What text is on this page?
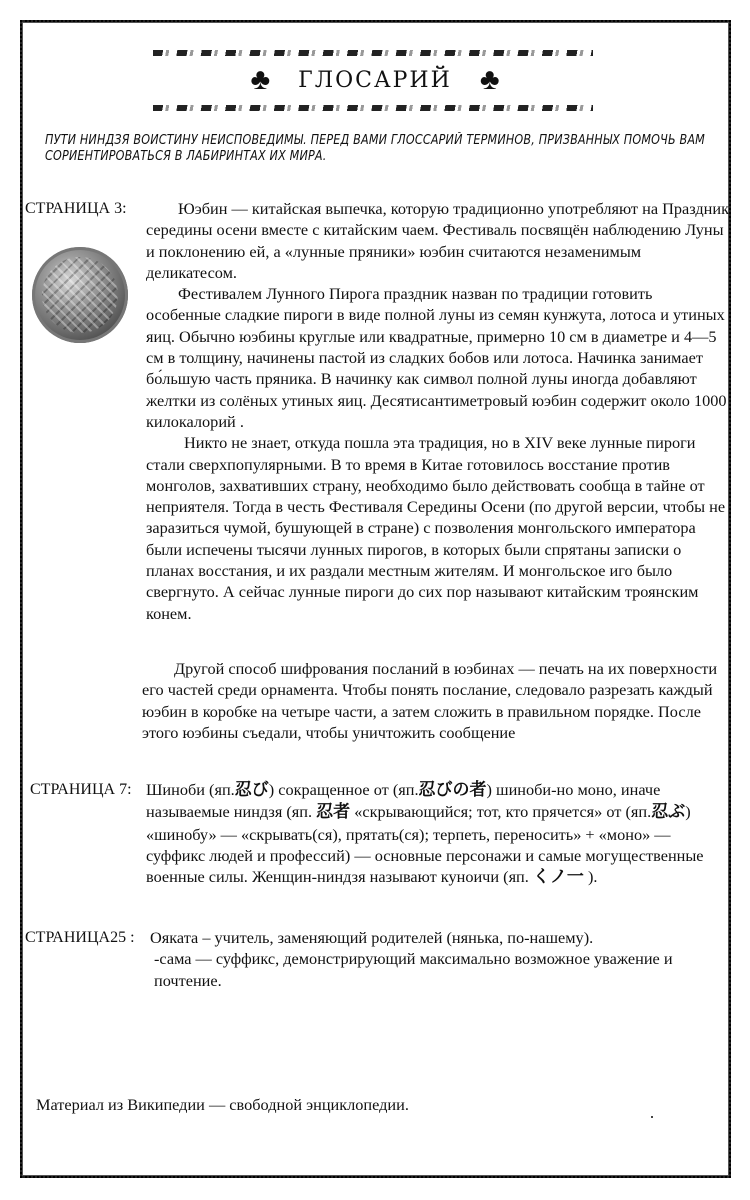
♣ ГЛОСАРИЙ ♣
ПУТИ НИНДЗЯ ВОИСТИНУ НЕИСПОВЕДИМЫ. ПЕРЕД ВАМИ ГЛОССАРИЙ ТЕРМИНОВ, ПРИЗВАННЫХ ПОМОЧЬ ВАМ СОРИЕНТИРОВАТЬСЯ В ЛАБИРИНТАХ ИХ МИРА.
СТРАНИЦА 3:	Юэбин — китайская выпечка, которую традиционно употребляют на Праздник середины осени вместе с китайским чаем. Фестиваль посвящён наблюдению Луны и поклонению ей, а «лунные пряники» юэбин считаются незаменимым деликатесом.

Фестивалем Лунного Пирога праздник назван по традиции готовить особенные сладкие пироги в виде полной луны из семян кунжута, лотоса и утиных яиц. Обычно юэбины круглые или квадратные, примерно 10 см в диаметре и 4—5 см в толщину, начинены пастой из сладких бобов или лотоса. Начинка занимает бо́льшую часть пряника. В начинку как символ полной луны иногда добавляют желтки из солёных утиных яиц. Десятисантиметровый юэбин содержит около 1000 килокалорий .

Никто не знает, откуда пошла эта традиция, но в XIV веке лунные пироги стали сверхпопулярными. В то время в Китае готовилось восстание против монголов, захвативших страну, необходимо было действовать сообща в тайне от неприятеля. Тогда в честь Фестиваля Середины Осени (по другой версии, чтобы не заразиться чумой, бушующей в стране) с позволения монгольского императора были испечены тысячи лунных пирогов, в которых были спрятаны записки о планах восстания, и их раздали местным жителям. И монгольское иго было свергнуто. А сейчас лунные пироги до сих пор называют китайским троянским конем.

Другой способ шифрования посланий в юэбинах — печать на их поверхности его частей среди орнамента. Чтобы понять послание, следовало разрезать каждый юэбин в коробке на четыре части, а затем сложить в правильном порядке. После этого юэбины съедали, чтобы уничтожить сообщение

СТРАНИЦА 7: Шиноби (яп.忍び) сокращенное от (яп.忍びの者) шиноби-но моно, иначе называемые ниндзя (яп. 忍者 «скрывающийся; тот, кто прячется» от (яп.忍ぶ) «шинобу» — «скрывать(ся), прятать(ся); терпеть, переносить» + «моно» — суффикс людей и профессий) — основные персонажи и самые могущественные военные силы. Женщин-ниндзя называют куноичи (яп. くノ一 ).

СТРАНИЦА25 : Ояката – учитель, заменяющий родителей (нянька, по-нашему).

-сама — суффикс, демонстрирующий максимально возможное уважение и почтение.

Материал из Википедии — свободной энциклопедии.
